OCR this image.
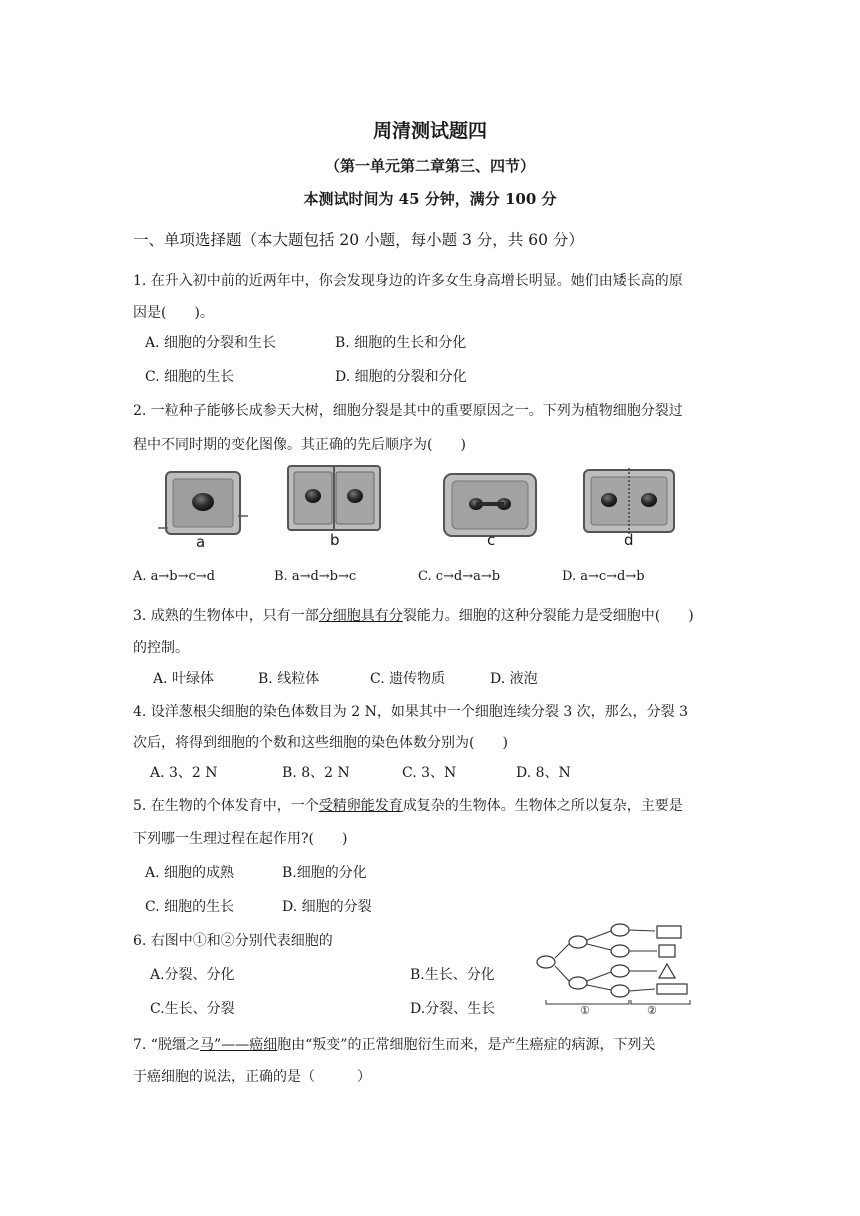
周清测试题四
（第一单元第二章第三、四节）
本测试时间为 45 分钟，满分 100 分
一、单项选择题（本大题包括 20 小题，每小题 3 分，共 60 分）
1. 在升入初中前的近两年中，你会发现身边的许多女生身高增长明显。她们由矮长高的原
因是(　　)。
A. 细胞的分裂和生长	B. 细胞的生长和分化
C. 细胞的生长	D. 细胞的分裂和分化
2. 一粒种子能够长成参天大树，细胞分裂是其中的重要原因之一。下列为植物细胞分裂过
程中不同时期的变化图像。其正确的先后顺序为(　　)
a	b	c	d
A. a→b→c→d	B. a→d→b→c	C. c→d→a→b	D. a→c→d→b
3. 成熟的生物体中，只有一部分细胞具有分裂能力。细胞的这种分裂能力是受细胞中(　　)
的控制。
A. 叶绿体	B. 线粒体	C. 遗传物质	D. 液泡
4. 设洋葱根尖细胞的染色体数目为 2 N，如果其中一个细胞连续分裂 3 次，那么，分裂 3
次后，将得到细胞的个数和这些细胞的染色体数分别为(　　)
A. 3、2 N	B. 8、2 N	C. 3、N	D. 8、N
5. 在生物的个体发育中，一个受精卵能发育成复杂的生物体。生物体之所以复杂，主要是
下列哪一生理过程在起作用?(　　)
A. 细胞的成熟	B.细胞的分化
C. 细胞的生长	D. 细胞的分裂
6. 右图中①和②分别代表细胞的
A.分裂、分化	B.生长、分化
C.生长、分裂	D.分裂、生长	①	②
7. “脱缰之马”——癌细胞由“叛变”的正常细胞衍生而来，是产生癌症的病源，下列关
于癌细胞的说法，正确的是（　　　）
